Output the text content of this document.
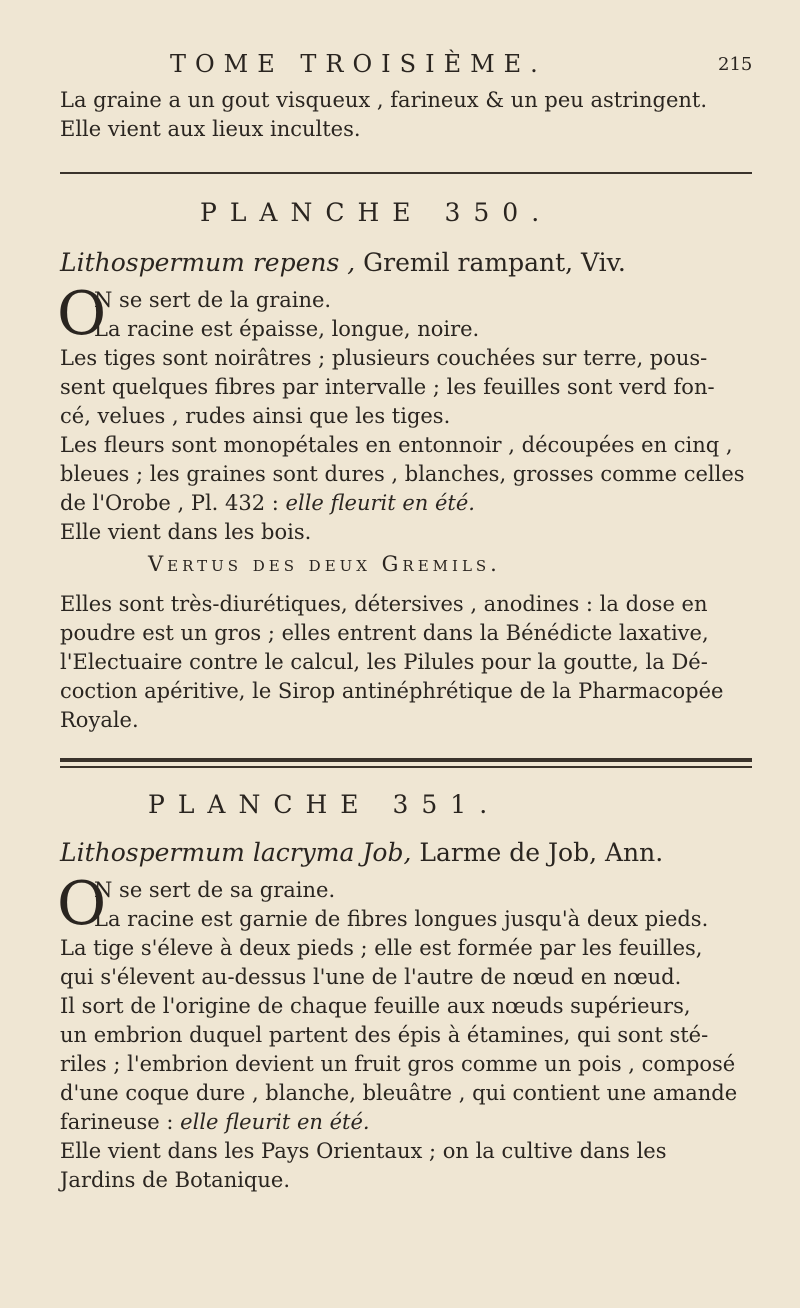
TOME TROISIÈME.	215
La graine a un gout visqueux , farineux & un peu astringent.
Elle vient aux lieux incultes.
PLANCHE 350.
Lithospermum repens , Gremil rampant, Viv.
O
N se sert de la graine.
La racine est épaisse, longue, noire.
Les tiges sont noirâtres ; plusieurs couchées sur terre, pous-
sent quelques fibres par intervalle ; les feuilles sont verd fon-
cé, velues , rudes ainsi que les tiges.
Les fleurs sont monopétales en entonnoir , découpées en cinq ,
bleues ; les graines sont dures , blanches, grosses comme celles
de l'Orobe , Pl. 432 : elle fleurit en été.
Elle vient dans les bois.
Vertus des deux Gremils.
Elles sont très-diurétiques, détersives , anodines : la dose en
poudre est un gros ; elles entrent dans la Bénédicte laxative,
l'Electuaire contre le calcul, les Pilules pour la goutte, la Dé-
coction apéritive, le Sirop antinéphrétique de la Pharmacopée
Royale.
PLANCHE 351.
Lithospermum lacryma Job, Larme de Job, Ann.
O
N se sert de sa graine.
La racine est garnie de fibres longues jusqu'à deux pieds.
La tige s'éleve à deux pieds ; elle est formée par les feuilles,
qui s'élevent au-dessus l'une de l'autre de nœud en nœud.
Il sort de l'origine de chaque feuille aux nœuds supérieurs,
un embrion duquel partent des épis à étamines, qui sont sté-
riles ; l'embrion devient un fruit gros comme un pois , composé
d'une coque dure , blanche, bleuâtre , qui contient une amande
farineuse : elle fleurit en été.
Elle vient dans les Pays Orientaux ; on la cultive dans les
Jardins de Botanique.
